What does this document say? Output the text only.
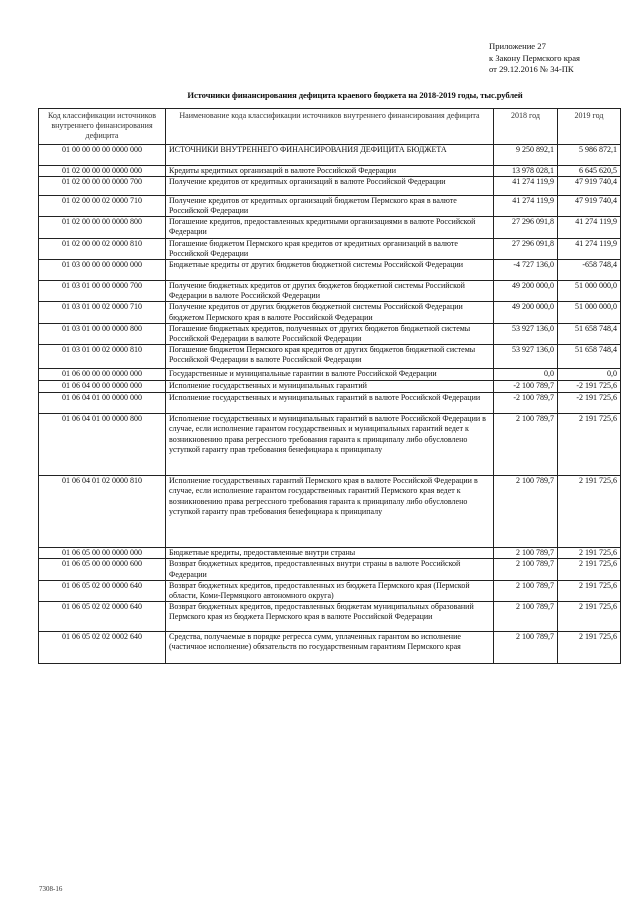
Приложение 27
к Закону Пермского края
от 29.12.2016 № 34-ПК
Источники финансирования дефицита краевого бюджета на 2018-2019 годы, тыс.рублей
Код классификации источников внутреннего финансирования дефицита	Наименование кода классификации источников внутреннего финансирования дефицита	2018 год	2019 год
01 00 00 00 00 0000 000	ИСТОЧНИКИ ВНУТРЕННЕГО ФИНАНСИРОВАНИЯ ДЕФИЦИТА БЮДЖЕТА	9 250 892,1	5 986 872,1
01 02 00 00 00 0000 000	Кредиты кредитных организаций в валюте Российской Федерации	13 978 028,1	6 645 620,5
01 02 00 00 00 0000 700	Получение кредитов от кредитных организаций в валюте Российской Федерации	41 274 119,9	47 919 740,4
01 02 00 00 02 0000 710	Получение кредитов от кредитных организаций бюджетом Пермского края в валюте Российской Федерации	41 274 119,9	47 919 740,4
01 02 00 00 00 0000 800	Погашение кредитов, предоставленных кредитными организациями в валюте Российской Федерации	27 296 091,8	41 274 119,9
01 02 00 00 02 0000 810	Погашение бюджетом Пермского края кредитов от кредитных организаций в валюте Российской Федерации	27 296 091,8	41 274 119,9
01 03 00 00 00 0000 000	Бюджетные кредиты от других бюджетов бюджетной системы Российской Федерации	-4 727 136,0	-658 748,4
01 03 01 00 00 0000 700	Получение бюджетных кредитов от других бюджетов бюджетной системы Российской Федерации в валюте Российской Федерации	49 200 000,0	51 000 000,0
01 03 01 00 02 0000 710	Получение кредитов от других бюджетов бюджетной системы Российской Федерации бюджетом Пермского края в валюте Российской Федерации	49 200 000,0	51 000 000,0
01 03 01 00 00 0000 800	Погашение бюджетных кредитов, полученных от других бюджетов бюджетной системы Российской Федерации в валюте Российской Федерации	53 927 136,0	51 658 748,4
01 03 01 00 02 0000 810	Погашение бюджетом Пермского края кредитов от других бюджетов бюджетной системы Российской Федерации в валюте Российской Федерации	53 927 136,0	51 658 748,4
01 06 00 00 00 0000 000	Государственные и муниципальные гарантии в валюте Российской Федерации	0,0	0,0
01 06 04 00 00 0000 000	Исполнение государственных и муниципальных гарантий	-2 100 789,7	-2 191 725,6
01 06 04 01 00 0000 000	Исполнение государственных и муниципальных гарантий в валюте Российской Федерации	-2 100 789,7	-2 191 725,6
01 06 04 01 00 0000 800	Исполнение государственных и муниципальных гарантий в валюте Российской Федерации в случае, если исполнение гарантом государственных и муниципальных гарантий ведет к возникновению права регрессного требования гаранта к принципалу либо обусловлено уступкой гаранту прав требования бенефициара к принципалу	2 100 789,7	2 191 725,6
01 06 04 01 02 0000 810	Исполнение государственных гарантий Пермского края в валюте Российской Федерации в случае, если исполнение гарантом государственных гарантий Пермского края ведет к возникновению права регрессного требования гаранта к принципалу либо обусловлено уступкой гаранту прав требования бенефициара к принципалу	2 100 789,7	2 191 725,6
01 06 05 00 00 0000 000	Бюджетные кредиты, предоставленные внутри страны	2 100 789,7	2 191 725,6
01 06 05 00 00 0000 600	Возврат бюджетных кредитов, предоставленных внутри страны в валюте Российской Федерации	2 100 789,7	2 191 725,6
01 06 05 02 00 0000 640	Возврат бюджетных кредитов, предоставленных из бюджета Пермского края (Пермской области, Коми-Пермяцкого автономного округа)	2 100 789,7	2 191 725,6
01 06 05 02 02 0000 640	Возврат бюджетных кредитов, предоставленных бюджетам муниципальных образований Пермского края из бюджета Пермского края в валюте Российской Федерации	2 100 789,7	2 191 725,6
01 06 05 02 02 0002 640	Средства, получаемые в порядке регресса сумм, уплаченных гарантом во исполнение (частичное исполнение) обязательств по государственным гарантиям Пермского края	2 100 789,7	2 191 725,6
7308-16
